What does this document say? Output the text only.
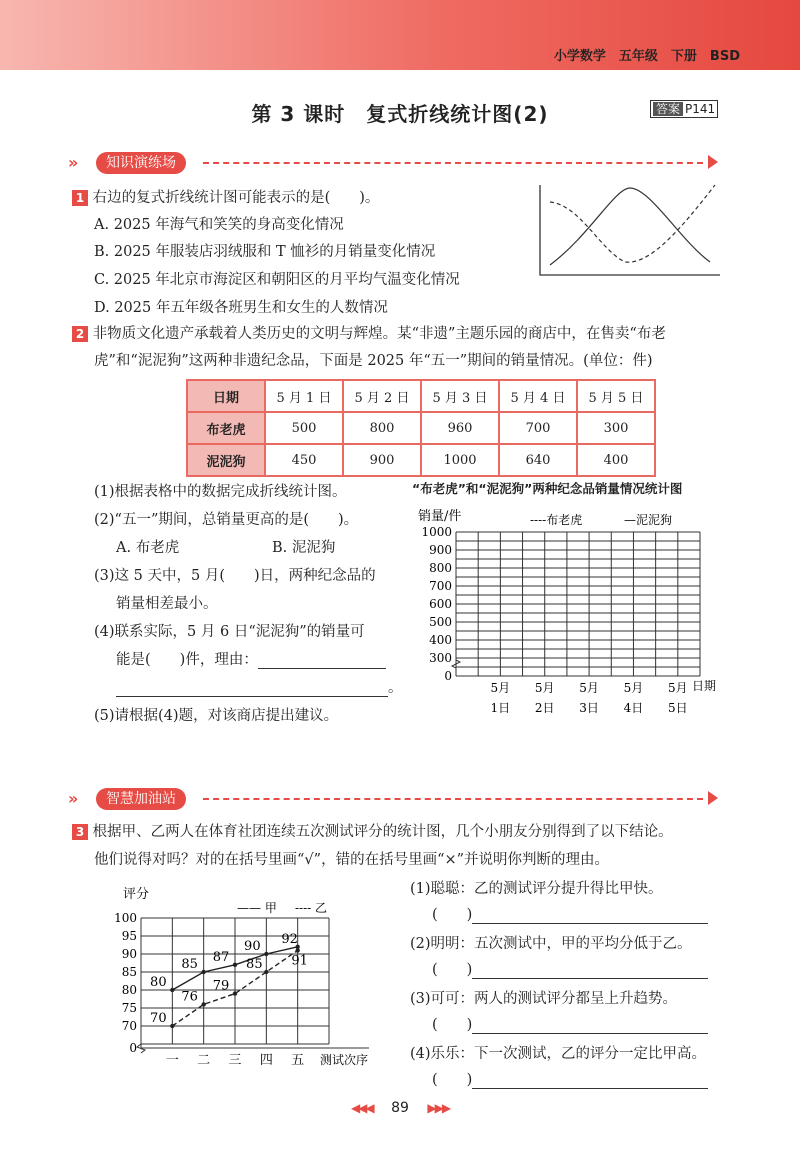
小学数学　五年级　下册　BSD
第 3 课时　复式折线统计图(2)	答案 P141
»	知识演练场
1 右边的复式折线统计图可能表示的是(　　)。
A. 2025 年海气和笑笑的身高变化情况
B. 2025 年服装店羽绒服和 T 恤衫的月销量变化情况
C. 2025 年北京市海淀区和朝阳区的月平均气温变化情况
D. 2025 年五年级各班男生和女生的人数情况
2 非物质文化遗产承载着人类历史的文明与辉煌。某“非遗”主题乐园的商店中，在售卖“布老
虎”和“泥泥狗”这两种非遗纪念品，下面是 2025 年“五一”期间的销量情况。(单位：件)
日期	5 月 1 日	5 月 2 日	5 月 3 日	5 月 4 日	5 月 5 日
布老虎	500	800	960	700	300
泥泥狗	450	900	1000	640	400
(1)根据表格中的数据完成折线统计图。
(2)“五一”期间，总销量更高的是(　　)。
A. 布老虎	B. 泥泥狗
(3)这 5 天中，5 月(　　)日，两种纪念品的
销量相差最小。
(4)联系实际，5 月 6 日“泥泥狗”的销量可
能是(　　)件，理由：
。
(5)请根据(4)题，对该商店提出建议。
“布老虎”和“泥泥狗”两种纪念品销量情况统计图
销量/件	----布老虎	—泥泥狗
1000
900
800
700
600
500
400
300
0
5月
1日
5月
2日
5月
3日
5月
4日
5月
5日
日期
»	智慧加油站
3 根据甲、乙两人在体育社团连续五次测试评分的统计图，几个小朋友分别得到了以下结论。
他们说得对吗？对的在括号里画“√”，错的在括号里画“×”并说明你判断的理由。
评分
—— 甲 ---- 乙
100
95
90
85
80
75
70
0
一 二 三 四 五
80
85 87
90 92
70
76
79
85 91
测试次序
(1)聪聪：乙的测试评分提升得比甲快。
(　　)
(2)明明：五次测试中，甲的平均分低于乙。
(　　)
(3)可可：两人的测试评分都呈上升趋势。
(　　)
(4)乐乐：下一次测试，乙的评分一定比甲高。
(　　)
◀◀◀ 89 ▶▶▶
